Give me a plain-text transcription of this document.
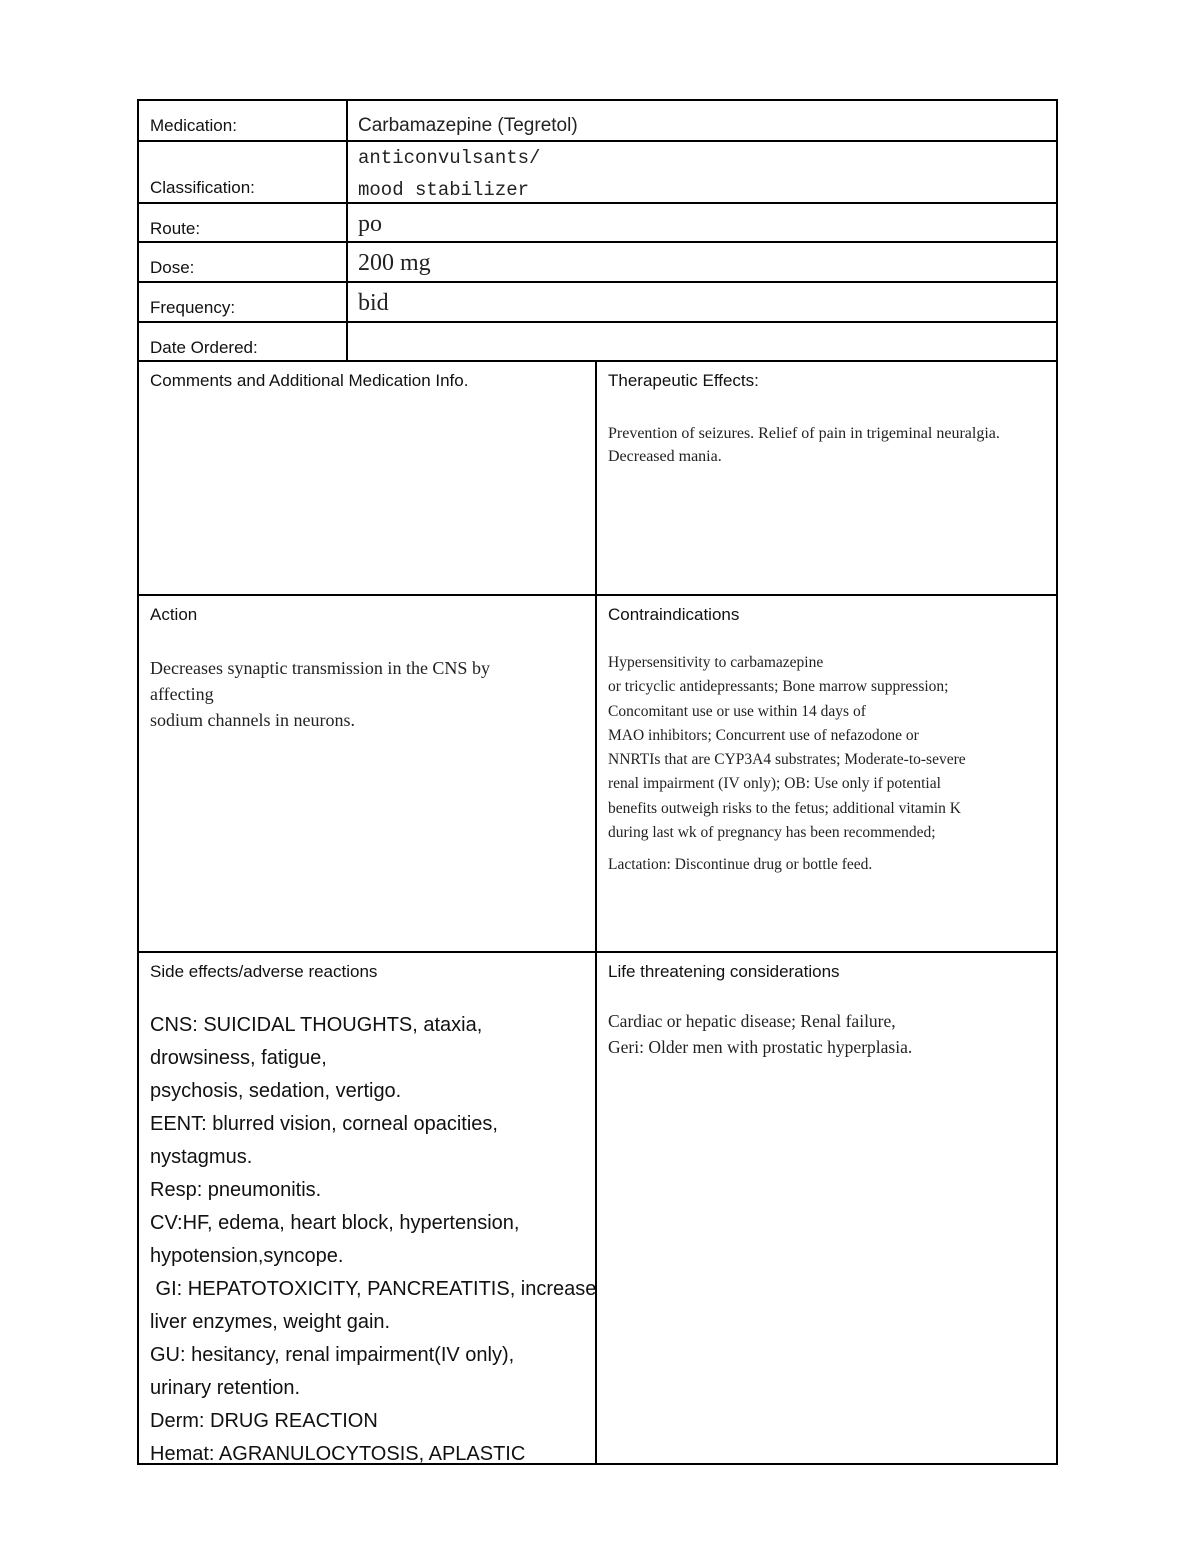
Medication:	Carbamazepine (Tegretol)
Classification:
anticonvulsants/
mood stabilizer
Route:	po
Dose:	200 mg
Frequency:	bid
Date Ordered:
Comments and Additional Medication Info.	Therapeutic Effects:
Prevention of seizures. Relief of pain in trigeminal neuralgia.
Decreased mania.
Action
Decreases synaptic transmission in the CNS by
affecting
sodium channels in neurons.
Contraindications
Hypersensitivity to carbamazepine
or tricyclic antidepressants; Bone marrow suppression;
Concomitant use or use within 14 days of
MAO inhibitors; Concurrent use of nefazodone or
NNRTIs that are CYP3A4 substrates; Moderate-to-severe
renal impairment (IV only); OB: Use only if potential
benefits outweigh risks to the fetus; additional vitamin K
during last wk of pregnancy has been recommended;
Lactation: Discontinue drug or bottle feed.
Side effects/adverse reactions
CNS: SUICIDAL THOUGHTS, ataxia,
drowsiness, fatigue,
psychosis, sedation, vertigo.
EENT: blurred vision, corneal opacities,
nystagmus.
Resp: pneumonitis.
CV:HF, edema, heart block, hypertension,
hypotension,syncope.
GI: HEPATOTOXICITY, PANCREATITIS, increase
liver enzymes, weight gain.
GU: hesitancy, renal impairment(IV only),
urinary retention.
Derm: DRUG REACTION
Hemat: AGRANULOCYTOSIS, APLASTIC
Life threatening considerations
Cardiac or hepatic disease; Renal failure,
Geri: Older men with prostatic hyperplasia.
